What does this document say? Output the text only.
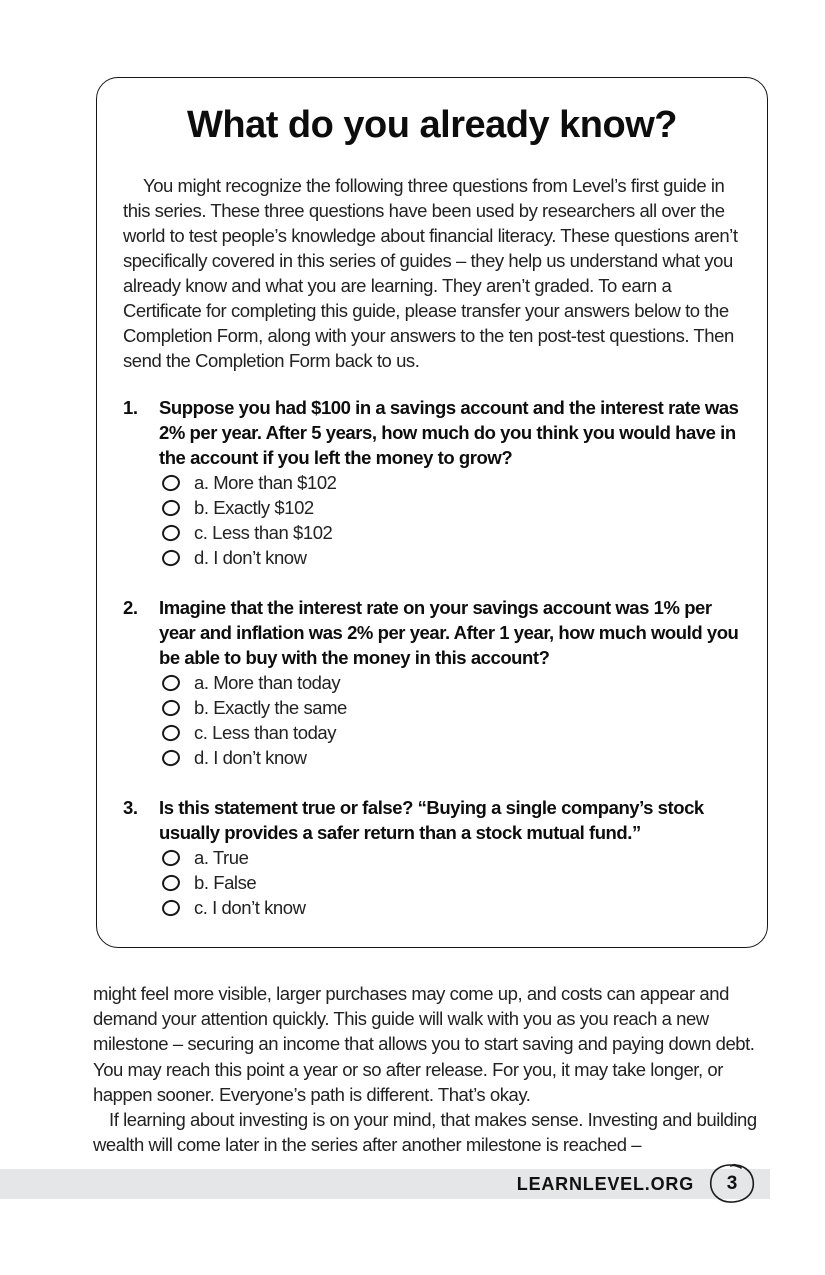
What do you already know?

You might recognize the following three questions from Level’s first guide in this series. These three questions have been used by researchers all over the world to test people’s knowledge about financial literacy. These questions aren’t specifically covered in this series of guides – they help us understand what you already know and what you are learning. They aren’t graded. To earn a Certificate for completing this guide, please transfer your answers below to the Completion Form, along with your answers to the ten post-test questions. Then send the Completion Form back to us.

1.	Suppose you had $100 in a savings account and the interest rate was 2% per year. After 5 years, how much do you think you would have in the account if you left the money to grow?
a. More than $102
b. Exactly $102
c. Less than $102
d. I don’t know
2.	Imagine that the interest rate on your savings account was 1% per year and inflation was 2% per year. After 1 year, how much would you be able to buy with the money in this account?
a. More than today
b. Exactly the same
c. Less than today
d. I don’t know
3.	Is this statement true or false? “Buying a single company’s stock usually provides a safer return than a stock mutual fund.”
a. True
b. False
c. I don’t know

might feel more visible, larger purchases may come up, and costs can appear and demand your attention quickly. This guide will walk with you as you reach a new milestone – securing an income that allows you to start saving and paying down debt. You may reach this point a year or so after release. For you, it may take longer, or happen sooner. Everyone’s path is different. That’s okay.

If learning about investing is on your mind, that makes sense. Investing and building wealth will come later in the series after another milestone is reached –

LEARNLEVEL.ORG	3
